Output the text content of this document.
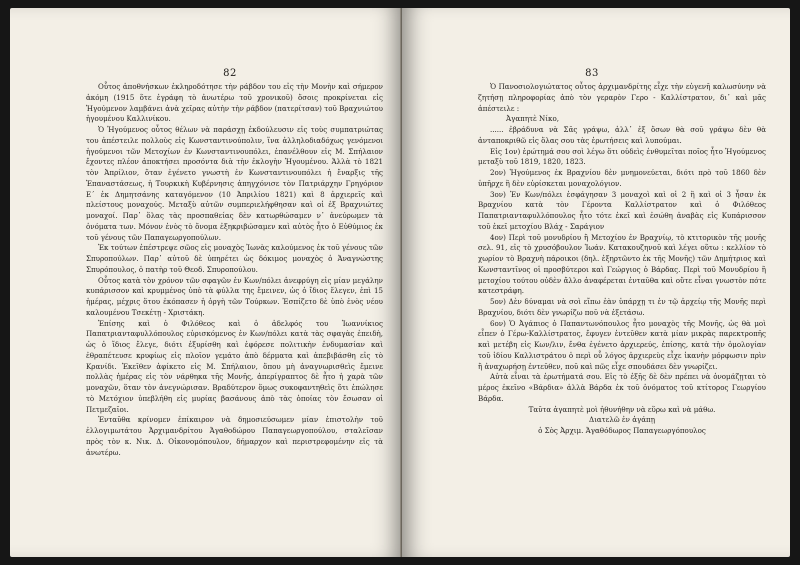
82

Οὗτος ἀποθνήσκων ἐκληροδότησε τὴν ράβδον του εἰς τὴν Μονὴν καὶ σήμερον ἀκόμη (1915 ὅτε ἐγράφη τὸ ἀνωτέρω τοῦ χρονικοῦ) ὅσοις προκρίνεται εἰς Ἡγούμενον λαμβάνει ἀνὰ χεῖρας αὐτὴν τὴν ράβδον (πατερίτσαν) τοῦ Βραχνιώτου ἡγουμένου Καλλινίκου.

Ὁ Ἡγούμενος οὗτος θέλων νὰ παράσχῃ ἐκδούλευσιν εἰς τοὺς συμπατριώτας του ἀπέστειλε πολλοὺς εἰς Κωνσταντινούπολιν, ἵνα ἀλληλοδιαδόχως γενόμενοι ἡγούμενοι τῶν Μετοχίων ἐν Κωνσταντινουπόλει, ἐπανέλθουν εἰς Μ. Σπήλαιον ἔχοντες πλέον ἀποκτήσει προσόντα διὰ τὴν ἐκλογὴν Ἡγουμένου. Ἀλλὰ τὸ 1821 τὸν Ἀπρίλιον, ὅταν ἐγένετο γνωστὴ ἐν Κωνσταντινουπόλει ἡ ἔναρξις τῆς Ἐπαναστάσεως, ἡ Τουρκικὴ Κυβέρνησις ἀπηγχόνισε τὸν Πατριάρχην Γρηγόριον Ε΄ ἐκ Δημητσάνης καταγόμενον (10 Ἀπριλίου 1821) καὶ 8 ἀρχιερεῖς καὶ πλείστους μοναχούς. Μεταξὺ αὐτῶν συμπεριελήφθησαν καὶ οἱ ἐξ Βραχνιώτες μοναχοί. Παρ᾽ ὅλας τὰς προσπαθείας δὲν κατωρθώσαμεν ν᾽ ἀνεύρωμεν τὰ ὀνόματα των. Μόνον ἐνὸς τὸ ὄνομα ἐξηκριβώσαμεν καὶ αὐτὸς ἦτο ὁ Εὐθύμιος ἐκ τοῦ γένους τῶν Παπαγεωργοπούλων.

Ἐκ τούτων ἐπέστρεψε σῶος εἰς μοναχὸς Ἰωνὰς καλούμενος ἐκ τοῦ γένους τῶν Σπυροπούλων. Παρ᾽ αὐτοῦ δὲ ὑπηρέτει ὡς δόκιμος μοναχὸς ὁ Ἀναγνώστης Σπυρόπουλος, ὁ πατὴρ τοῦ Θεοδ. Σπυροπούλου.

Οὗτος κατὰ τὸν χρόνον τῶν σφαγῶν ἐν Κων/πόλει ἀνεφρύγη εἰς μίαν μεγάλην κυπάρισσον καὶ κρυμμένος ὑπὸ τὰ φύλλα της ἔμεινεν, ὡς ὁ ἴδιος ἔλεγεν, ἐπὶ 15 ἡμέρας, μέχρις ὅτου ἐκόπασεν ἡ ὀργὴ τῶν Τούρκων. Ἐσπίζετο δὲ ὑπὸ ἑνὸς νέου καλουμένου Τσεκέτῃ - Χριστάκη.

Ἐπίσης καὶ ὁ Φιλόθεος καὶ ὁ ἀδελφός του Ἰωαννίκιος Παπατριανταφυλλόπουλος εὑρισκόμενος ἐν Κων/πόλει κατὰ τὰς σφαγὰς ἐπειδὴ, ὡς ὁ ἴδιος ἔλεγε, διότι ἐξυρίσθη καὶ ἐφόρεσε πολιτικὴν ἐνδυμασίαν καὶ ἐθραπέτευσε κρυφίως εἰς πλοῖον γεμάτο ἀπὸ δέρματα καὶ ἀπεβιβάσθη εἰς τὸ Κρανίδι. Ἐκεῖθεν ἀφίκετο εἰς Μ. Σπήλαιον, ὅπου μὴ ἀναγνωρισθεὶς ἔμεινε πολλὰς ἡμέρας εἰς τὸν νάρθηκα τῆς Μονῆς, ἀπερίγραπτος δὲ ἦτο ἡ χαρὰ τῶν μοναχῶν, ὅταν τὸν ἀνεγνώρισαν. Βραδύτερον ὅμως συκοφαντηθεὶς ὅτι ἐπώλησε τὸ Μετόχιον ὑπεβλήθη εἰς μυρίας βασάνους ἀπὸ τὰς ὁποίας τὸν ἔσωσαν οἱ Πετμεζαῖοι.

Ἐνταῦθα κρίνομεν ἐπίκαιρον νὰ δημοσιεύσωμεν μίαν ἐπιστολὴν τοῦ ἐλλογιμωτάτου Ἀρχιμανδρίτου Ἀγαθοδώρου Παπαγεωργοπούλου, σταλεῖσαν πρὸς τὸν κ. Νικ. Δ. Οἰκονομόπουλον, δήμαρχον καὶ περιστρεφομένην εἰς τὰ ἀνωτέρω.

83

Ὁ Πανοσιολογιώτατος οὗτος ἀρχιμανδρίτης εἶχε τὴν εὐγενῆ καλωσύνην νὰ ζητήσῃ πληροφορίας ἀπὸ τὸν γεραρὸν Γερο - Καλλίστρατον, δι᾽ καὶ μᾶς ἀπέστειλε :

Ἀγαπητὲ Νίκο,

...... ἐβράδυνα νὰ Σᾶς γράψω, ἀλλ᾽ ἐξ ὅσων θὰ σοῦ γράψω δὲν θὰ ἀνταποκριθῶ εἰς ὅλας σου τὰς ἐρωτήσεις καὶ λυπούμαι.

Εἰς 1ον) ἐρώτημά σου σοὶ λέγω ὅτι οὐδεὶς ἐνθυμεῖται ποῖος ἦτο Ἡγούμενος μεταξὺ τοῦ 1819, 1820, 1823.

2ον) Ἡγούμενος ἐκ Βραχνίου δὲν μνημονεύεται, διότι πρὸ τοῦ 1860 δὲν ὑπῆρχε ἢ δὲν εὑρίσκεται μοναχολόγιον.

3ον) Ἐν Κων/πόλει ἐσφάγησαν 3 μοναχοὶ καὶ οἱ 2 ἢ καὶ οἱ 3 ἦσαν ἐκ Βραχνίου κατὰ τὸν Γέροντα Καλλίστρατον καὶ ὁ Φιλόθεος Παπατριανταφυλλόπουλος ἦτο τότε ἐκεῖ καὶ ἐσώθη ἀναβὰς εἰς Κυπάρισσον τοῦ ἐκεῖ μετοχίου Βλάχ - Σαράγιον

4ον) Περὶ τοῦ μονυδρίου ἢ Μετοχίου ἐν Βραχνίῳ, τὸ κτιτορικὸν τῆς μονῆς σελ. 91, εἰς τὸ χρυσόβουλον Ἰωάν. Κατακουζηνοῦ καὶ λέγει οὕτω : κελλίον τὸ χωρίον τὸ Βραχνὴ πάροικοι (δηλ. ἐξηρτῶντο ἐκ τῆς Μονῆς) τῶν Δημήτριος καὶ Κωνσταντῖνος οἱ προσβύτεροι καὶ Γεώργιος ὁ Βάρδας. Περὶ τοῦ Μονυδρίου ἢ μετοχίου τούτου οὐδὲν ἄλλο ἀναφέρεται ἐνταῦθα καὶ οὔτε εἶναι γνωστὸν πότε κατεστράφη.

5ον) Δὲν δύναμαι νὰ σοὶ εἴπω ἐὰν ὑπάρχῃ τι ἐν τῷ ἀρχείῳ τῆς Μονῆς περὶ Βραχνίου, διότι δὲν γνωρίζω ποῦ νὰ ἐξετάσω.

6ον) Ὁ Ἀγάπιος ὁ Παπαντωνόπουλος ἦτο μοναχὸς τῆς Μονῆς, ὡς θὰ μοὶ εἶπεν ὁ Γέρω-Καλλίστρατος, ἔφυγεν ἐντεῦθεν κατὰ μίαν μικρὰς παρεκτροπῆς καὶ μετέβη εἰς Κων/λιν, ἔνθα ἐγένετο ἀρχιερεύς, ἐπίσης, κατὰ τὴν ὁμολογίαν τοῦ ἰδίου Καλλιστράτου ὁ περὶ οὗ λόγος ἀρχιερεὺς εἶχε ἱκανὴν μόρφωσιν πρὶν ἢ ἀναχωρήσῃ ἐντεῦθεν, ποῦ καὶ πῶς εἶχε σπουδάσει δὲν γνωρίζει.

Αὐτὰ εἶναι τὰ ἐρωτήματά σου. Εἰς τὸ ἐξῆς δὲ δὲν πρέπει νὰ ὀνομάζῃται τὸ μέρος ἐκεῖνο «Βάρδια» ἀλλὰ Βάρδα ἐκ τοῦ ὀνόματος τοῦ κτίτορος Γεωργίου Βάρδα.

Ταῦτα ἀγαπητὲ μοὶ ἠθυνήθην νὰ εὕρω καὶ νὰ μάθω.

Διατελῶ ἐν ἀγάπῃ

ὁ Σὸς Ἀρχιμ. Ἀγαθόδωρος Παπαγεωργόπουλος
